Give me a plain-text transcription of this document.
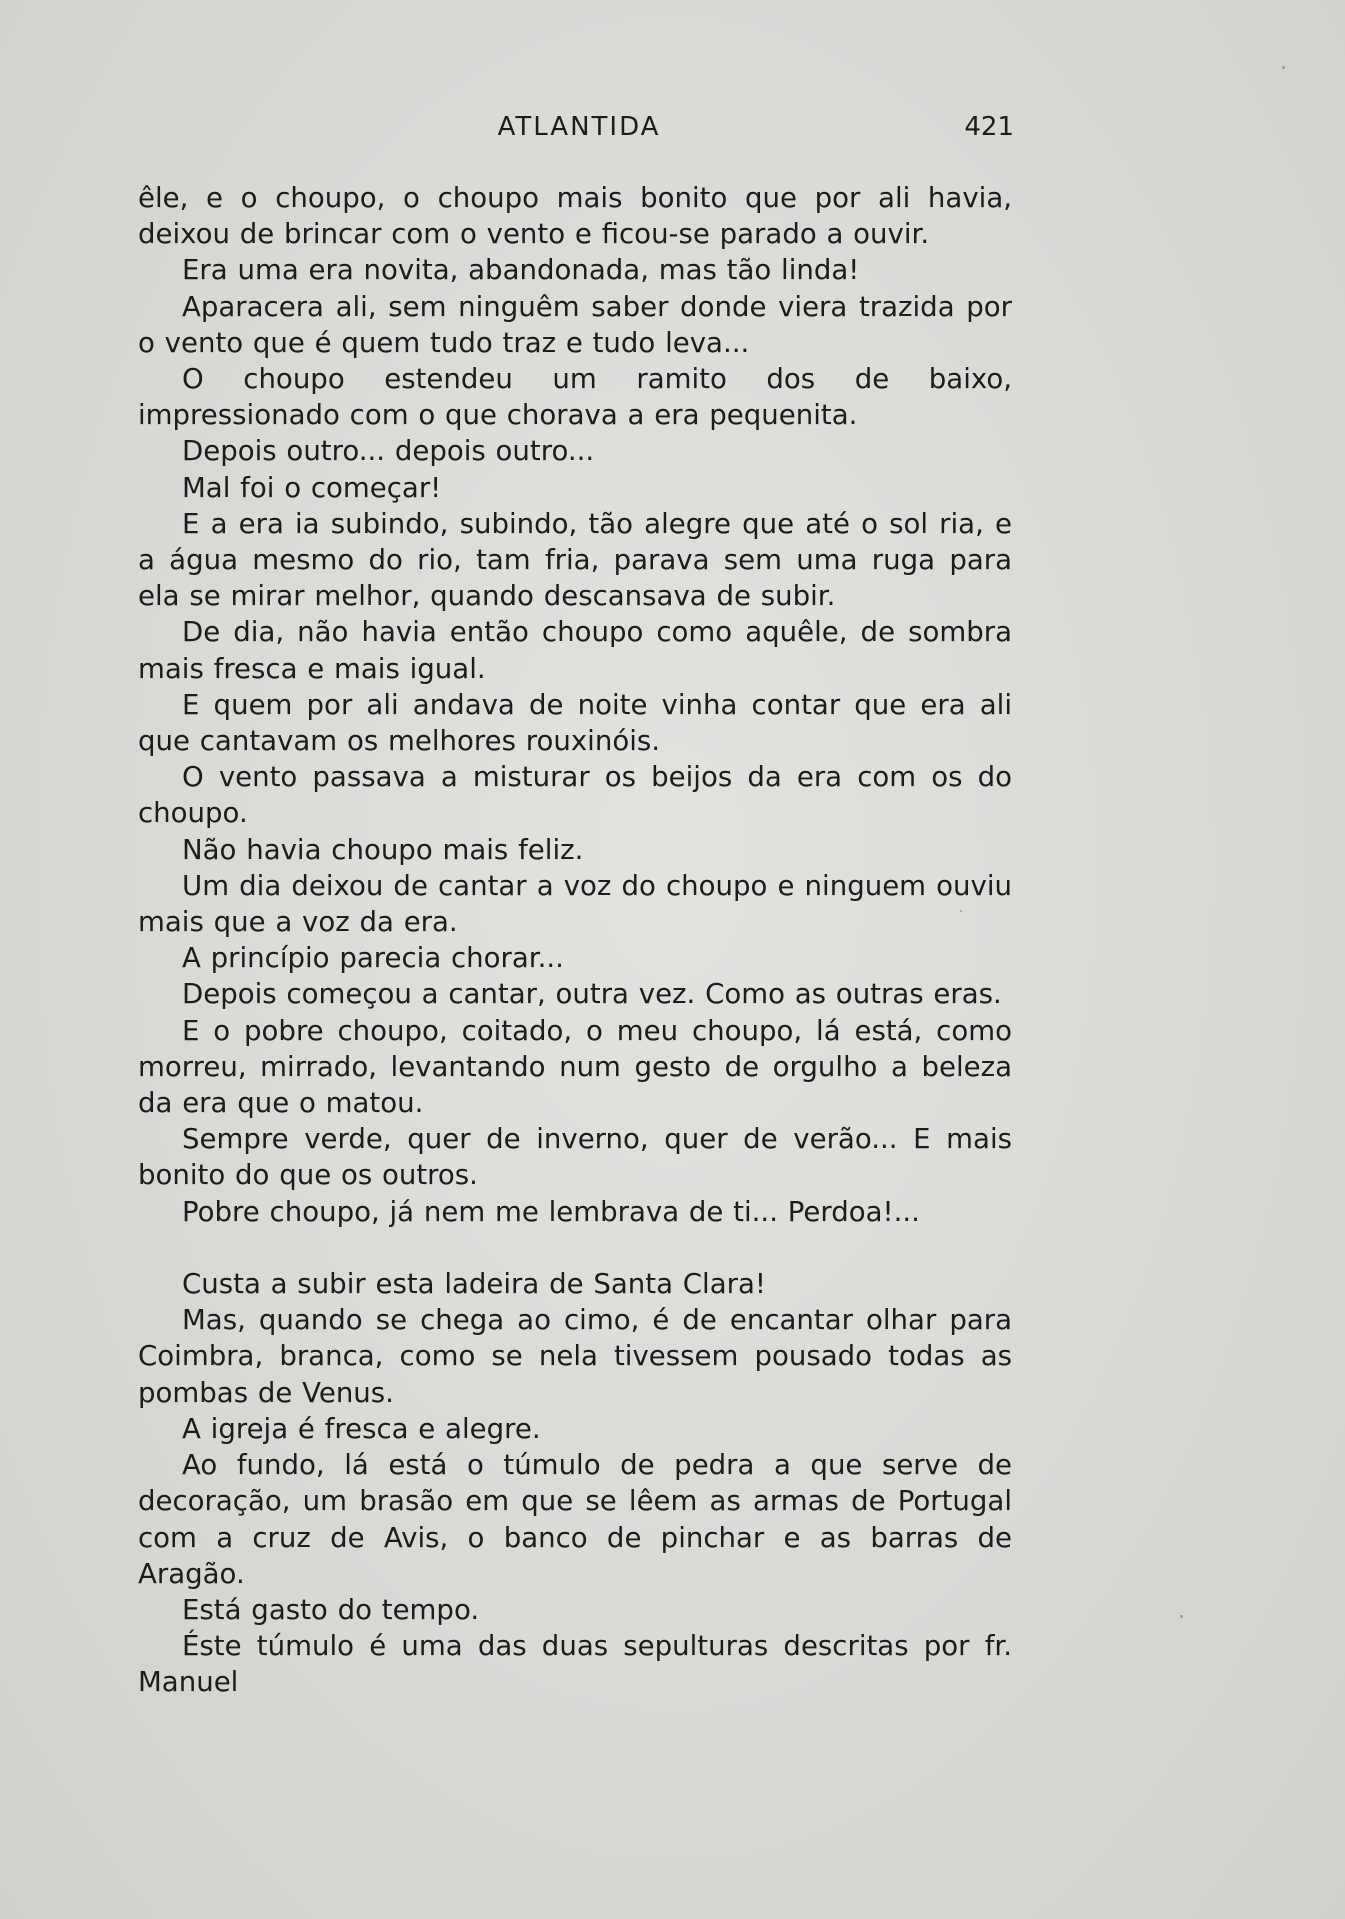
ATLANTIDA	421

êle, e o choupo, o choupo mais bonito que por ali havia, deixou de brincar com o vento e ficou-se parado a ouvir.

Era uma era novita, abandonada, mas tão linda!

Aparacera ali, sem ninguêm saber donde viera trazida por o vento que é quem tudo traz e tudo leva...

O choupo estendeu um ramito dos de baixo, impressionado com o que chorava a era pequenita.

Depois outro... depois outro...

Mal foi o começar!

E a era ia subindo, subindo, tão alegre que até o sol ria, e a água mesmo do rio, tam fria, parava sem uma ruga para ela se mirar melhor, quando descansava de subir.

De dia, não havia então choupo como aquêle, de sombra mais fresca e mais igual.

E quem por ali andava de noite vinha contar que era ali que cantavam os melhores rouxinóis.

O vento passava a misturar os beijos da era com os do choupo.

Não havia choupo mais feliz.

Um dia deixou de cantar a voz do choupo e ninguem ouviu mais que a voz da era.

A princípio parecia chorar...

Depois começou a cantar, outra vez. Como as outras eras.

E o pobre choupo, coitado, o meu choupo, lá está, como morreu, mirrado, levantando num gesto de orgulho a beleza da era que o matou.

Sempre verde, quer de inverno, quer de verão... E mais bonito do que os outros.

Pobre choupo, já nem me lembrava de ti... Perdoa!...

Custa a subir esta ladeira de Santa Clara!

Mas, quando se chega ao cimo, é de encantar olhar para Coimbra, branca, como se nela tivessem pousado todas as pombas de Venus.

A igreja é fresca e alegre.

Ao fundo, lá está o túmulo de pedra a que serve de decoração, um brasão em que se lêem as armas de Portugal com a cruz de Avis, o banco de pinchar e as barras de Aragão.

Está gasto do tempo.

Éste túmulo é uma das duas sepulturas descritas por fr. Manuel
